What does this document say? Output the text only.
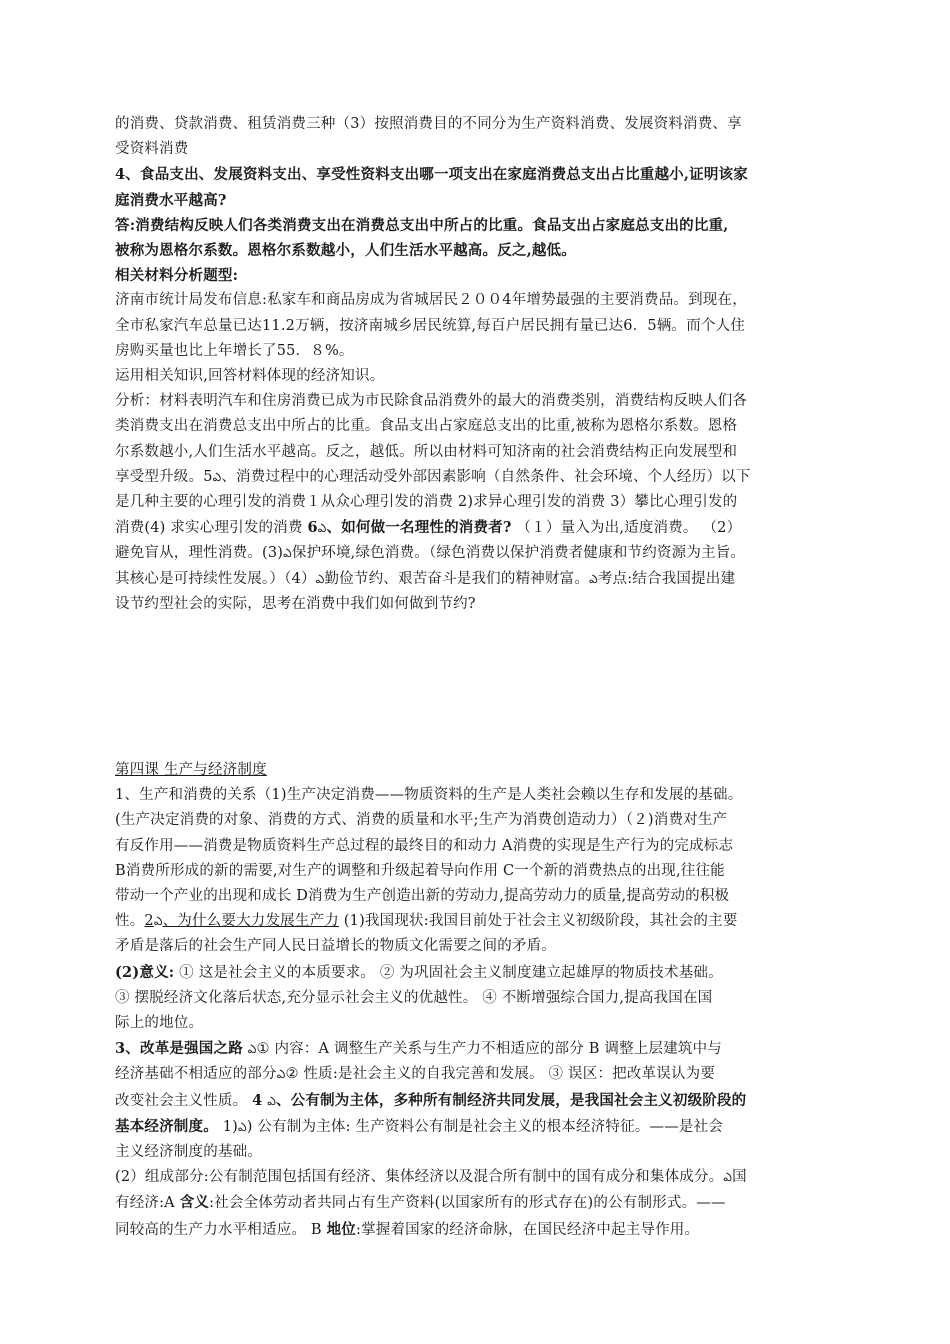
的消费、贷款消费、租赁消费三种（3）按照消费目的不同分为生产资料消费、发展资料消费、享

受资料消费

4、食品支出、发展资料支出、享受性资料支出哪一项支出在家庭消费总支出占比重越小,证明该家

庭消费水平越高?

答:消费结构反映人们各类消费支出在消费总支出中所占的比重。食品支出占家庭总支出的比重,

被称为恩格尔系数。恩格尔系数越小，人们生活水平越高。反之,越低。

相关材料分析题型:

济南市统计局发布信息:私家车和商品房成为省城居民２００4年增势最强的主要消费品。到现在，

全市私家汽车总量已达11.2万辆，按济南城乡居民统算,每百户居民拥有量已达6．5辆。而个人住

房购买量也比上年增长了55．８%。

运用相关知识,回答材料体现的经济知识。

分析：材料表明汽车和住房消费已成为市民除食品消费外的最大的消费类别，消费结构反映人们各

类消费支出在消费总支出中所占的比重。食品支出占家庭总支出的比重,被称为恩格尔系数。恩格

尔系数越小,人们生活水平越高。反之，越低。所以由材料可知济南的社会消费结构正向发展型和

享受型升级。5ఎ、消费过程中的心理活动受外部因素影响（自然条件、社会环境、个人经历）以下

是几种主要的心理引发的消费１从众心理引发的消费 2)求异心理引发的消费 3）攀比心理引发的

消费(4) 求实心理引发的消费 6ఎ、如何做一名理性的消费者? （１）量入为出,适度消费。 （2）

避免盲从，理性消费。(3)ఎ保护环境,绿色消费。（绿色消费以保护消费者健康和节约资源为主旨。

其核心是可持续性发展。）（4）ఎ勤俭节约、艰苦奋斗是我们的精神财富。ఎ考点:结合我国提出建

设节约型社会的实际，思考在消费中我们如何做到节约?

第四课 生产与经济制度

1、生产和消费的关系（1)生产决定消费——物质资料的生产是人类社会赖以生存和发展的基础。

(生产决定消费的对象、消费的方式、消费的质量和水平;生产为消费创造动力）（２)消费对生产

有反作用——消费是物质资料生产总过程的最终目的和动力 A消费的实现是生产行为的完成标志

B消费所形成的新的需要,对生产的调整和升级起着导向作用 C一个新的消费热点的出现,往往能

带动一个产业的出现和成长 D消费为生产创造出新的劳动力,提高劳动力的质量,提高劳动的积极

性。2ఎ、为什么要大力发展生产力 (1)我国现状:我国目前处于社会主义初级阶段，其社会的主要

矛盾是落后的社会生产同人民日益增长的物质文化需要之间的矛盾。

(2)意义: ① 这是社会主义的本质要求。 ② 为巩固社会主义制度建立起雄厚的物质技术基础。

③ 摆脱经济文化落后状态,充分显示社会主义的优越性。 ④ 不断增强综合国力,提高我国在国

际上的地位。

3、改革是强国之路 ఎ① 内容：A 调整生产关系与生产力不相适应的部分 B 调整上层建筑中与

经济基础不相适应的部分ఎ② 性质:是社会主义的自我完善和发展。 ③ 误区：把改革误认为要

改变社会主义性质。 4 ఎ、公有制为主体，多种所有制经济共同发展，是我国社会主义初级阶段的

基本经济制度。 1)ఎ) 公有制为主体: 生产资料公有制是社会主义的根本经济特征。——是社会

主义经济制度的基础。

(2）组成部分:公有制范围包括国有经济、集体经济以及混合所有制中的国有成分和集体成分。ఎ国

有经济:A 含义:社会全体劳动者共同占有生产资料(以国家所有的形式存在)的公有制形式。——

同较高的生产力水平相适应。 B 地位:掌握着国家的经济命脉，在国民经济中起主导作用。
